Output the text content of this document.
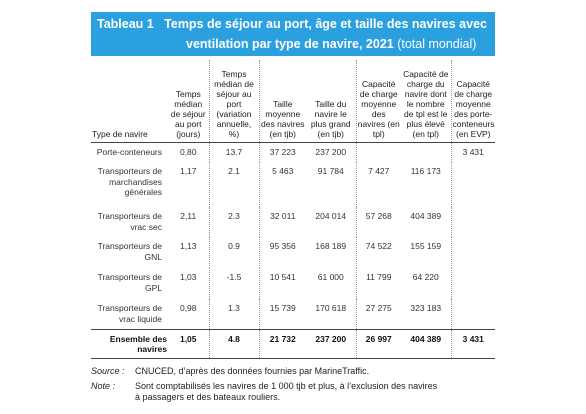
Tableau 1 Temps de séjour au port, âge et taille des navires avec
ventilation par type de navire, 2021 (total mondial)
Type de navire	Temps médian de séjour au port (jours)	Temps médian de séjour au port (variation annuelle, %)	Taille moyenne des navires (en tjb)	Taille du navire le plus grand (en tjb)	Capacité de charge moyenne des navires (en tpl)	Capacité de charge du navire dont le nombre de tpl est le plus élevé (en tpl)	Capacité de charge moyenne des porte-conteneurs (en EVP)
Porte-conteneurs	0,80	13.7	37 223	237 200			3 431
Transporteurs de marchandises générales	1,17	2.1	5 463	91 784	7 427	116 173	
Transporteurs de vrac sec	2,11	2.3	32 011	204 014	57 268	404 389	
Transporteurs de GNL	1,13	0.9	95 356	168 189	74 522	155 159	
Transporteurs de GPL	1,03	-1.5	10 541	61 000	11 799	64 220	
Transporteurs de vrac liquide	0,98	1.3	15 739	170 618	27 275	323 183	
Ensemble des navires	1,05	4.8	21 732	237 200	26 997	404 389	3 431
Source : CNUCED, d’après des données fournies par MarineTraffic.
Note : Sont comptabilisés les navires de 1 000 tjb et plus, à l’exclusion des navires
à passagers et des bateaux rouliers.
